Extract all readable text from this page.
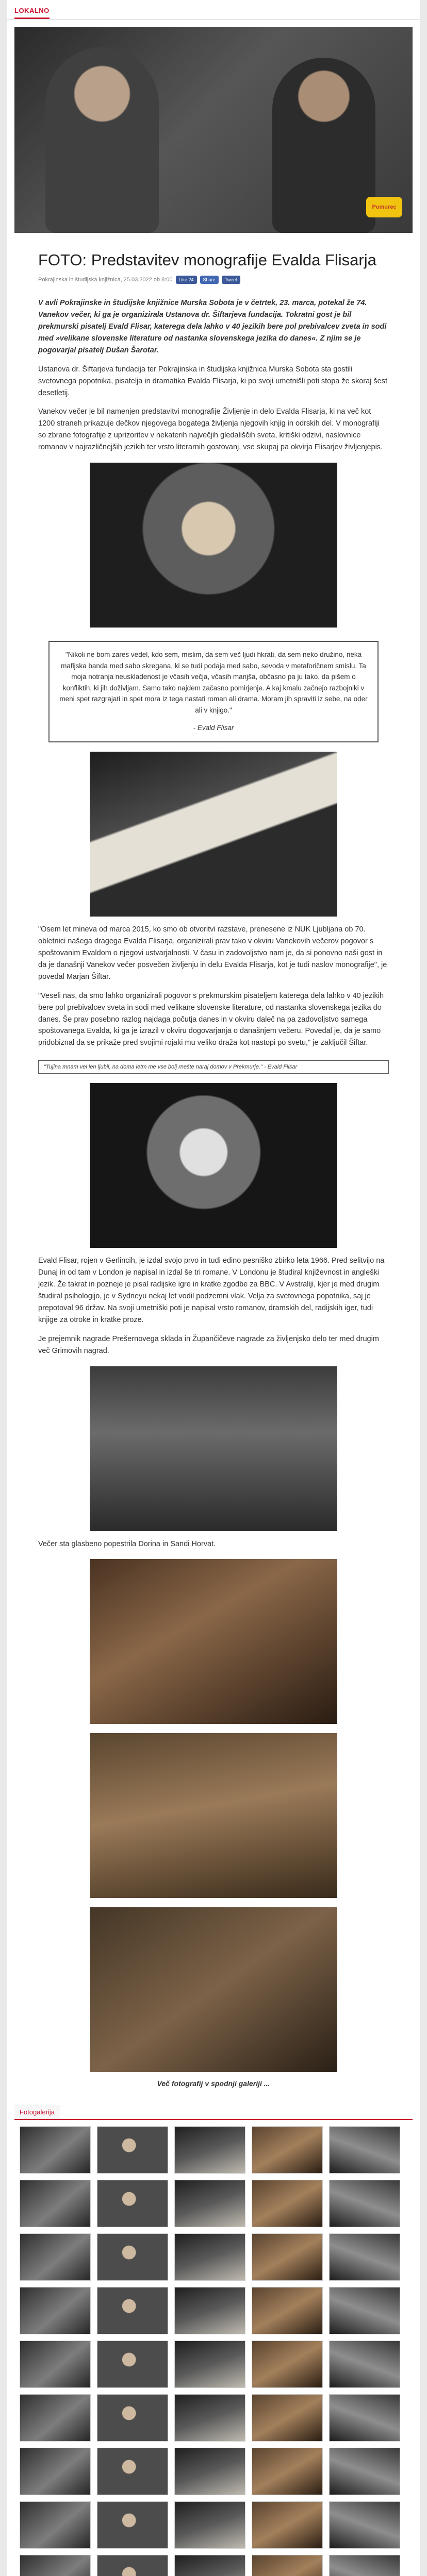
LOKALNO
Pomurec
FOTO: Predstavitev monografije Evalda Flisarja
Pokrajinska in študijska knjižnica, 25.03.2022 ob 8:00	Like 24	Share	Tweet

V avli Pokrajinske in študijske knjižnice Murska Sobota je v četrtek, 23. marca, potekal že 74. Vanekov večer, ki ga je organizirala Ustanova dr. Šiftarjeva fundacija. Tokratni gost je bil prekmurski pisatelj Evald Flisar, katerega dela lahko v 40 jezikih bere pol prebivalcev zveta in sodi med »velikane slovenske literature od nastanka slovenskega jezika do danes«. Z njim se je pogovarjal pisatelj Dušan Šarotar.

Ustanova dr. Šiftarjeva fundacija ter Pokrajinska in študijska knjižnica Murska Sobota sta gostili svetovnega popotnika, pisatelja in dramatika Evalda Flisarja, ki po svoji umetnišli poti stopa že skoraj šest desetletij.

Vanekov večer je bil namenjen predstavitvi monografije Življenje in delo Evalda Flisarja, ki na več kot 1200 straneh prikazuje dečkov njegovega bogatega življenja njegovih knjig in odrskih del. V monografiji so zbrane fotografije z uprizoritev v nekaterih največjih gledališčih sveta, kritiški odzivi, naslovnice romanov v najrazličnejših jezikih ter vrsto literarnih gostovanj, vse skupaj pa okvirja Flisarjev življenjepis.

"Nikoli ne bom zares vedel, kdo sem, mislim, da sem več ljudi hkrati, da sem neko družino, neka mafijska banda med sabo skregana, ki se tudi podaja med sabo, sevoda v metaforičnem smislu. Ta moja notranja neuskladenost je včasih večja, včasih manjša, občasno pa ju tako, da pišem o konfliktih, ki jih doživljam. Samo tako najdem začasno pomirjenje. A kaj kmalu začnejo razbojniki v meni spet razgrajati in spet mora iz tega nastati roman ali drama. Moram jih spraviti iz sebe, na oder ali v knjigo."
- Evald Flisar

"Osem let mineva od marca 2015, ko smo ob otvoritvi razstave, prenesene iz NUK Ljubljana ob 70. obletnici našega dragega Evalda Flisarja, organizirali prav tako v okviru Vanekovih večerov pogovor s spoštovanim Evaldom o njegovi ustvarjalnosti. V času in zadovoljstvo nam je, da si ponovno naši gost in da je današnji Vanekov večer posvečen življenju in delu Evalda Flisarja, kot je tudi naslov monografije", je povedal Marjan Šiftar.

"Veseli nas, da smo lahko organizirali pogovor s prekmurskim pisateljem katerega dela lahko v 40 jezikih bere pol prebivalcev sveta in sodi med velikane slovenske literature, od nastanka slovenskega jezika do danes. Še prav posebno razlog najdaga počutja danes in v okviru daleč na pa zadovoljstvo samega spoštovanega Evalda, ki ga je izrazil v okviru dogovarjanja o današnjem večeru. Povedal je, da je samo pridobiznal da se prikaže pred svojimi rojaki mu veliko draža kot nastopi po svetu," je zaključil Šiftar.

"Tujina mnam vel len ljubil, na doma letm me vse bolj rnešte naraj domov v Prekmurje." - Evald Flisar

Evald Flisar, rojen v Gerlincih, je izdal svojo prvo in tudi edino pesniško zbirko leta 1966. Pred selitvijo na Dunaj in od tam v London je napisal in izdal še tri romane. V Londonu je študiral književnost in angleški jezik. Že takrat in pozneje je pisal radijske igre in kratke zgodbe za BBC. V Avstraliji, kjer je med drugim študiral psihologijo, je v Sydneyu nekaj let vodil podzemni vlak. Velja za svetovnega popotnika, saj je prepotoval 96 držav. Na svoji umetniški poti je napisal vrsto romanov, dramskih del, radijskih iger, tudi knjige za otroke in kratke proze.

Je prejemnik nagrade Prešernovega sklada in Župančičeve nagrade za življenjsko delo ter med drugim več Grimovih nagrad.

Večer sta glasbeno popestrila Dorina in Sandi Horvat.

Več fotografij v spodnji galeriji ...
Fotogalerija
